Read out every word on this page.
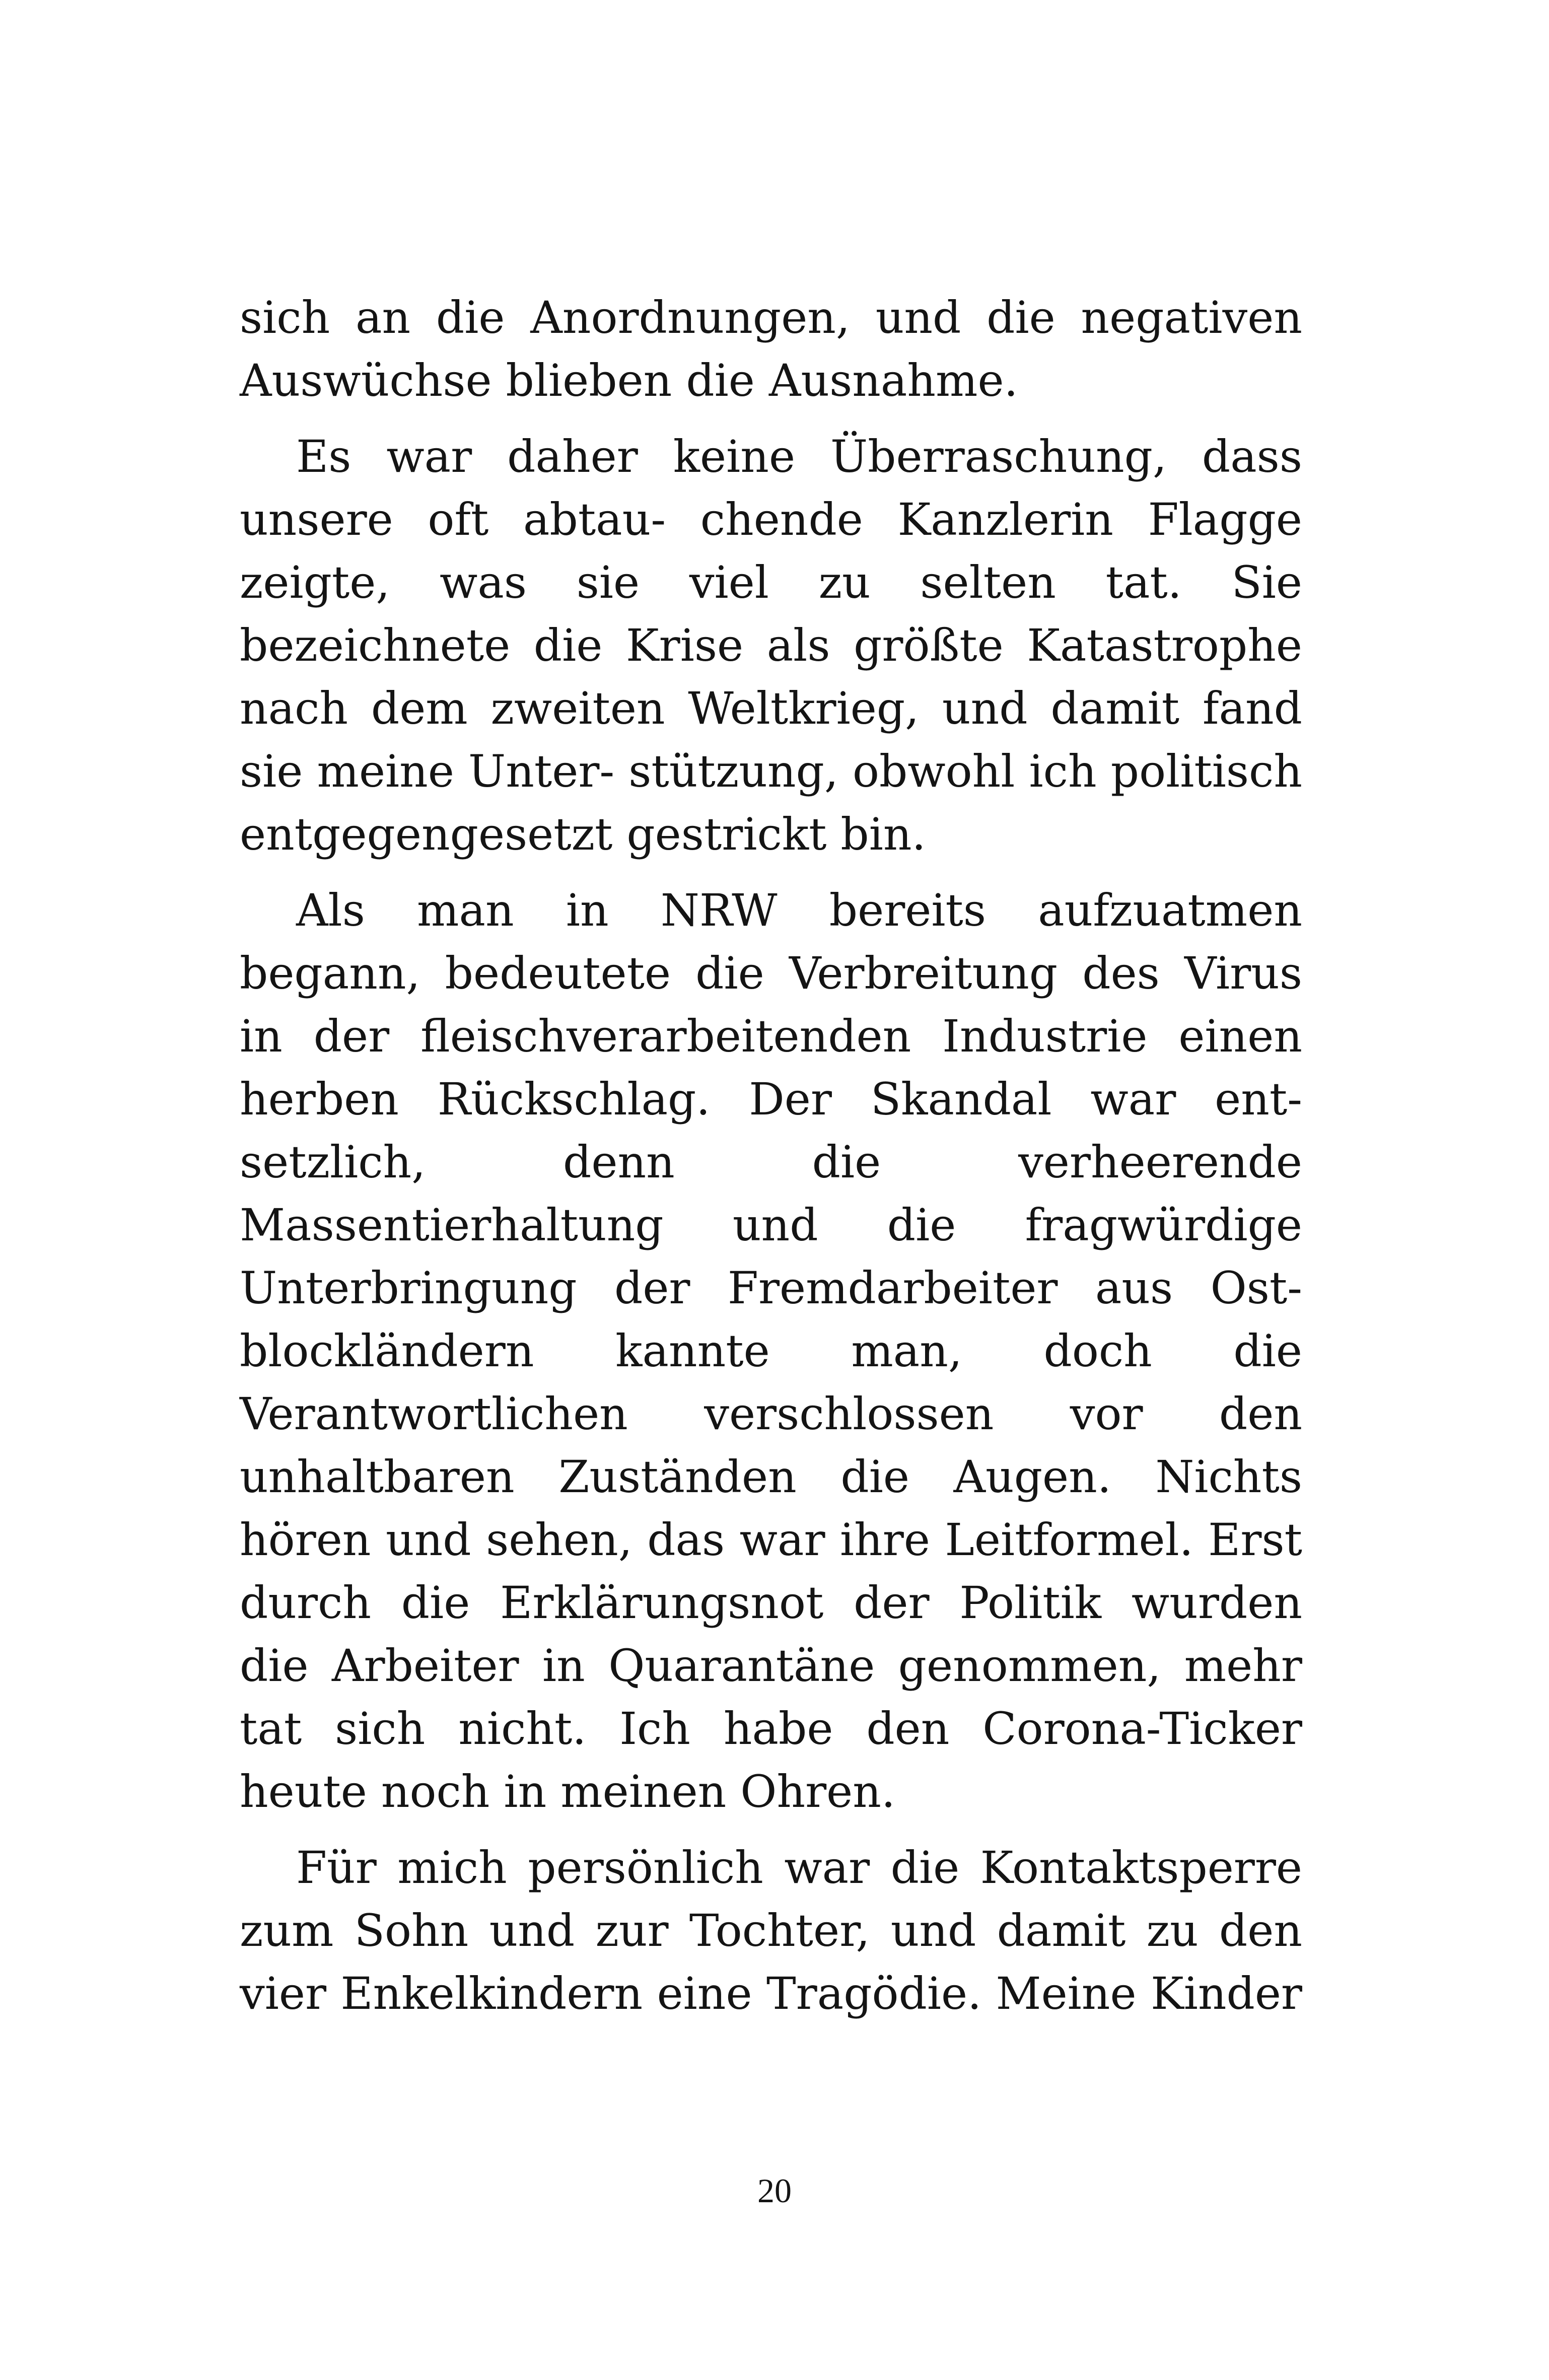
sich an die Anordnungen, und die negativen Auswüchse blieben die Ausnahme.

Es war daher keine Überraschung, dass unsere oft abtau- chende Kanzlerin Flagge zeigte, was sie viel zu selten tat. Sie bezeichnete die Krise als größte Katastrophe nach dem zweiten Weltkrieg, und damit fand sie meine Unter- stützung, obwohl ich politisch entgegengesetzt gestrickt bin.

Als man in NRW bereits aufzuatmen begann, bedeutete die Verbreitung des Virus in der fleischverarbeitenden Industrie einen herben Rückschlag. Der Skandal war ent- setzlich, denn die verheerende Massentierhaltung und die fragwürdige Unterbringung der Fremdarbeiter aus Ost- blockländern kannte man, doch die Verantwortlichen verschlossen vor den unhaltbaren Zuständen die Augen. Nichts hören und sehen, das war ihre Leitformel. Erst durch die Erklärungsnot der Politik wurden die Arbeiter in Quarantäne genommen, mehr tat sich nicht. Ich habe den Corona-Ticker heute noch in meinen Ohren.

Für mich persönlich war die Kontaktsperre zum Sohn und zur Tochter, und damit zu den vier Enkelkindern eine Tragödie. Meine Kinder

20
